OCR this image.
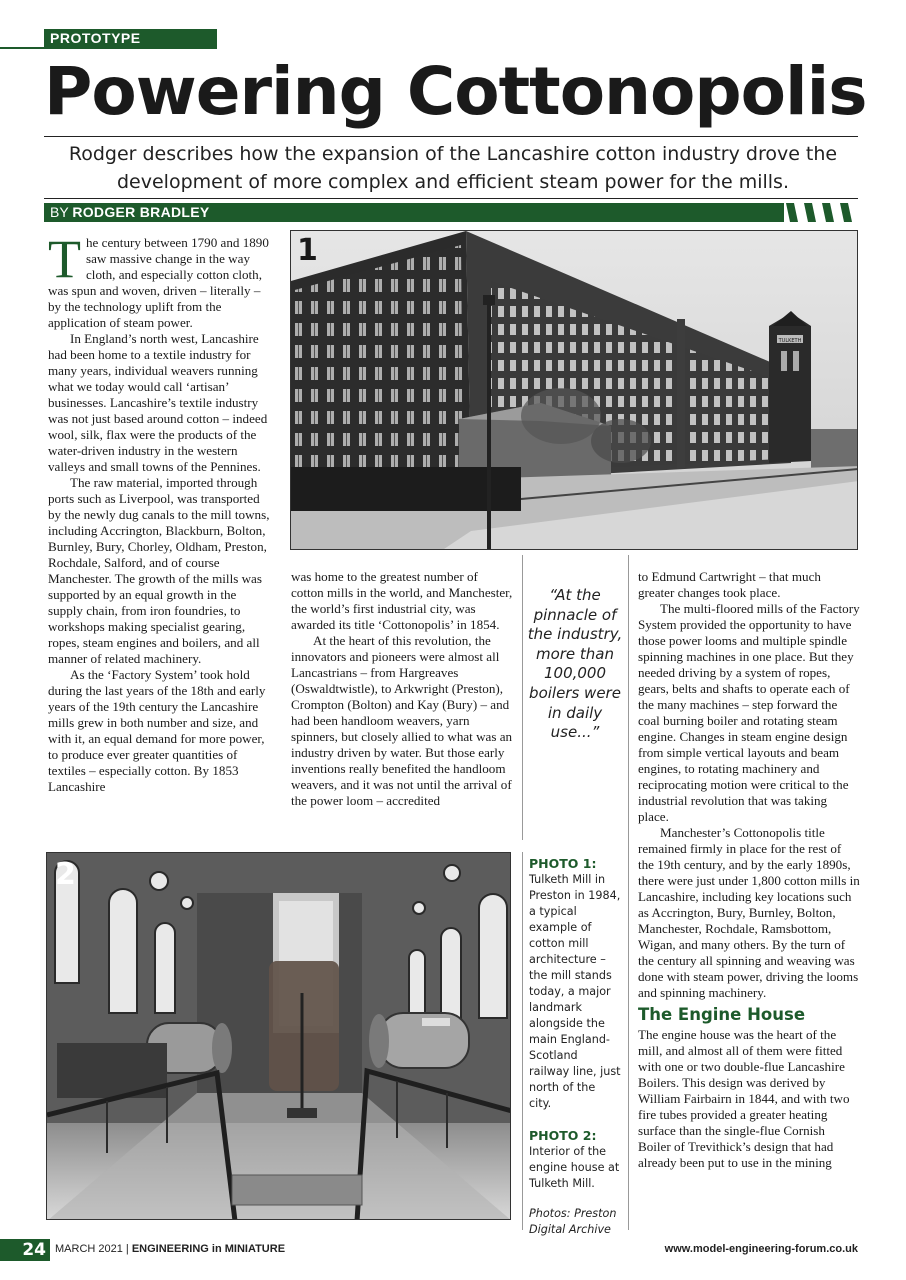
PROTOTYPE
Powering Cottonopolis
Rodger describes how the expansion of the Lancashire cotton industry drove the development of more complex and efficient steam power for the mills.
BY RODGER BRADLEY

The century between 1790 and 1890 saw massive change in the way cloth, and especially cotton cloth, was spun and woven, driven – literally – by the technology uplift from the application of steam power.

In England’s north west, Lancashire had been home to a textile industry for many years, individual weavers running what we today would call ‘artisan’ businesses. Lancashire’s textile industry was not just based around cotton – indeed wool, silk, flax were the products of the water-driven industry in the western valleys and small towns of the Pennines.

The raw material, imported through ports such as Liverpool, was transported by the newly dug canals to the mill towns, including Accrington, Blackburn, Bolton, Burnley, Bury, Chorley, Oldham, Preston, Rochdale, Salford, and of course Manchester. The growth of the mills was supported by an equal growth in the supply chain, from iron foundries, to workshops making specialist gearing, ropes, steam engines and boilers, and all manner of related machinery.

As the ‘Factory System’ took hold during the last years of the 18th and early years of the 19th century the Lancashire mills grew in both number and size, and with it, an equal demand for more power, to produce ever greater quantities of textiles – especially cotton. By 1853 Lancashire

TULKETH
1

was home to the greatest number of cotton mills in the world, and Manchester, the world’s first industrial city, was awarded its title ‘Cottonopolis’ in 1854.

At the heart of this revolution, the innovators and pioneers were almost all Lancastrians – from Hargreaves (Oswaldtwistle), to Arkwright (Preston), Crompton (Bolton) and Kay (Bury) – and had been handloom weavers, yarn spinners, but closely allied to what was an industry driven by water. But those early inventions really benefited the handloom weavers, and it was not until the arrival of the power loom – accredited

“At the pinnacle of the industry, more than 100,000 boilers were in daily use...”
2	PHOTO 1:
Tulketh Mill in Preston in 1984, a typical example of cotton mill architecture – the mill stands today, a major landmark alongside the main England-Scotland railway line, just north of the city.
PHOTO 2:
Interior of the engine house at Tulketh Mill.
Photos: Preston Digital Archive

to Edmund Cartwright – that much greater changes took place.

The multi-floored mills of the Factory System provided the opportunity to have those power looms and multiple spindle spinning machines in one place. But they needed driving by a system of ropes, gears, belts and shafts to operate each of the many machines – step forward the coal burning boiler and rotating steam engine. Changes in steam engine design from simple vertical layouts and beam engines, to rotating machinery and reciprocating motion were critical to the industrial revolution that was taking place.

Manchester’s Cottonopolis title remained firmly in place for the rest of the 19th century, and by the early 1890s, there were just under 1,800 cotton mills in Lancashire, including key locations such as Accrington, Bury, Burnley, Bolton, Manchester, Rochdale, Ramsbottom, Wigan, and many others. By the turn of the century all spinning and weaving was done with steam power, driving the looms and spinning machinery.

The Engine House

The engine house was the heart of the mill, and almost all of them were fitted with one or two double-flue Lancashire Boilers. This design was derived by William Fairbairn in 1844, and with two fire tubes provided a greater heating surface than the single-flue Cornish Boiler of Trevithick’s design that had already been put to use in the mining

24 MARCH 2021 | ENGINEERING in MINIATURE	www.model-engineering-forum.co.uk
